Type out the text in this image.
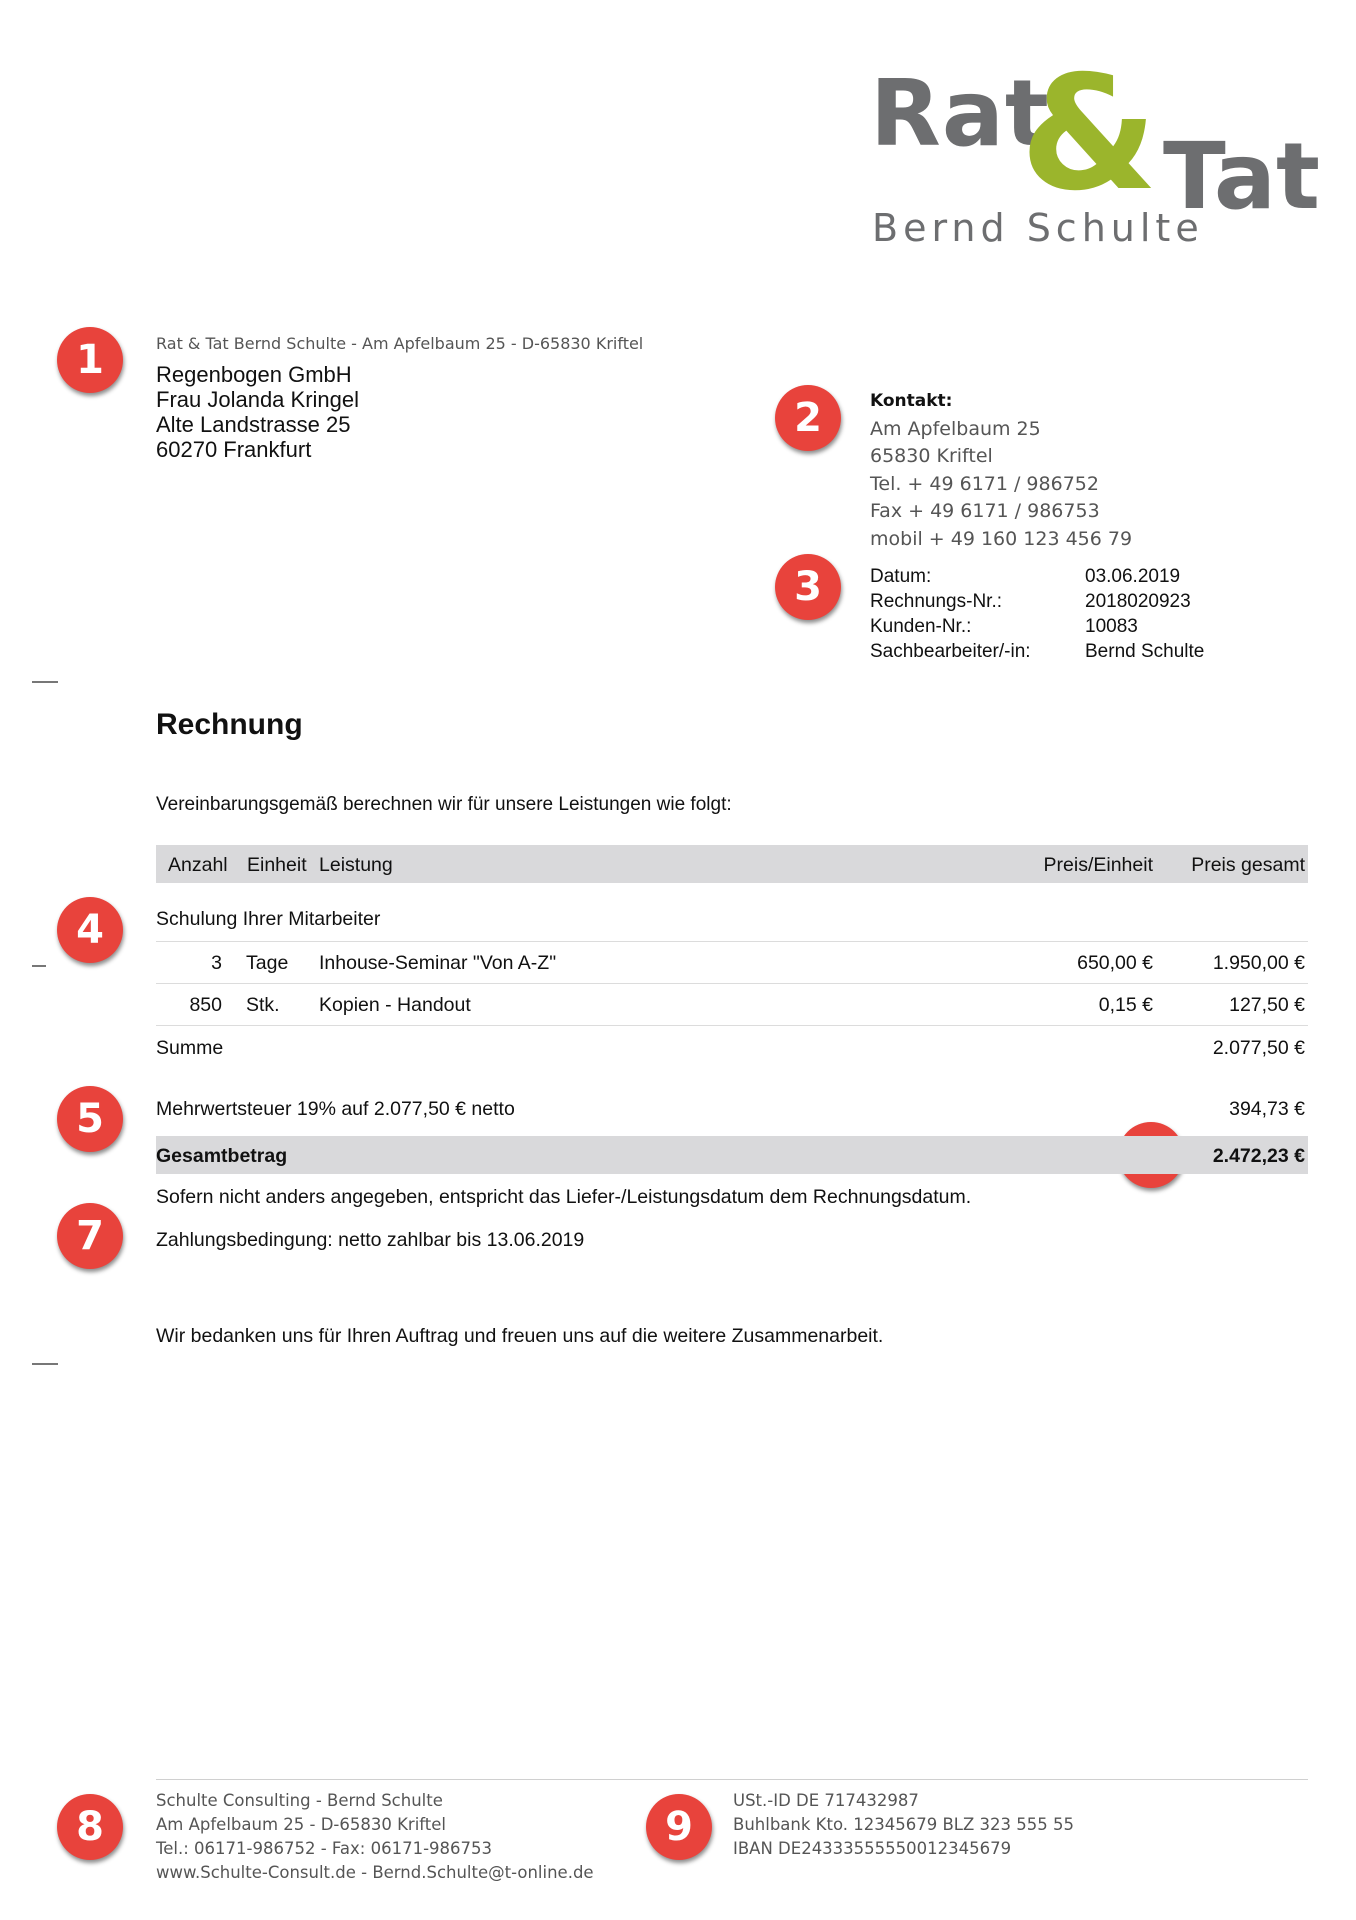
Rat
& Tat
Bernd Schulte
1
2
3
4
5
7
8	9
Rat & Tat Bernd Schulte - Am Apfelbaum 25 - D-65830 Kriftel
Regenbogen GmbH
Frau Jolanda Kringel
Alte Landstrasse 25
60270 Frankfurt
Kontakt:
Am Apfelbaum 25
65830 Kriftel
Tel. + 49 6171 / 986752
Fax + 49 6171 / 986753
mobil + 49 160 123 456 79
Datum:	03.06.2019
Rechnungs-Nr.:	2018020923
Kunden-Nr.:	10083
Sachbearbeiter/-in:	Bernd Schulte
Rechnung
Vereinbarungsgemäß berechnen wir für unsere Leistungen wie folgt:
Anzahl Einheit Leistung	Preis/Einheit Preis gesamt
Schulung Ihrer Mitarbeiter
3 Tage Inhouse-Seminar "Von A-Z"	650,00 €	1.950,00 €
850 Stk. Kopien - Handout	0,15 €	127,50 €
Summe	2.077,50 €
Mehrwertsteuer 19% auf 2.077,50 € netto	394,73 €
Gesamtbetrag	2.472,23 €
Sofern nicht anders angegeben, entspricht das Liefer-/Leistungsdatum dem Rechnungsdatum.
Zahlungsbedingung: netto zahlbar bis 13.06.2019
Wir bedanken uns für Ihren Auftrag und freuen uns auf die weitere Zusammenarbeit.
Schulte Consulting - Bernd Schulte
Am Apfelbaum 25 - D-65830 Kriftel
Tel.: 06171-986752 - Fax: 06171-986753
www.Schulte-Consult.de - Bernd.Schulte@t-online.de
USt.-ID DE 717432987
Buhlbank Kto. 12345679 BLZ 323 555 55
IBAN DE24333555550012345679
